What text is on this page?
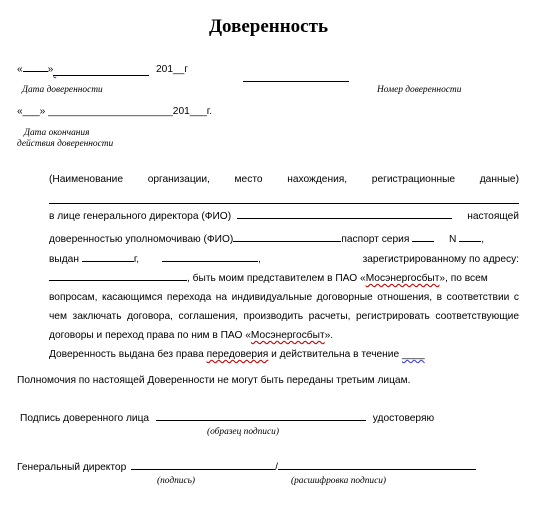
Доверенность
« »	201__г
Дата доверенности	Номер доверенности
«___» ______________________201___г.
Дата окончания
действия доверенности
(Наименование организации, место нахождения, регистрационные данные)
в лице генерального директора (ФИО)	настоящей
доверенностью уполномочиваю (ФИО)	паспорт серия	N ,
выдан	г,	,	зарегистрированному по адресу:
, быть моим представителем в ПАО «Мосэнергосбыт», по всем
вопросам, касающимся перехода на индивидуальные договорные отношения, в соответствии с
чем заключать договора, соглашения, производить расчеты, регистрировать соответствующие
договоры и переход права по ним в ПАО «Мосэнергосбыт».
Доверенность выдана без права передоверия и действительна в течение ____
Полномочия по настоящей Доверенности не могут быть переданы третьим лицам.
Подпись доверенного лица	удостоверяю
(образец подписи)
Генеральный директор	/
(подпись)	(расшифровка подписи)
